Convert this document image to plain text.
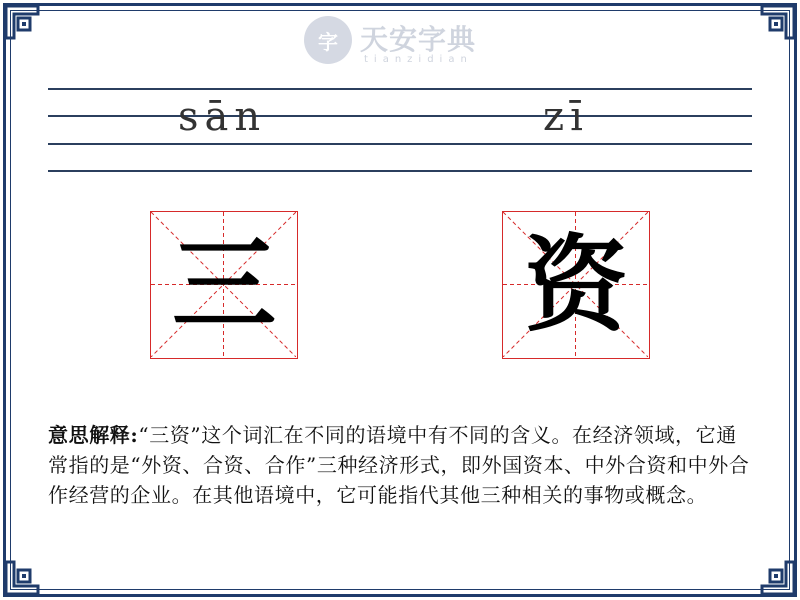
字 天安字典
tianzidian
sān	zī
三 资

意思解释:“三资”这个词汇在不同的语境中有不同的含义。在经济领域，它通常指的是“外资、合资、合作”三种经济形式，即外国资本、中外合资和中外合作经营的企业。在其他语境中，它可能指代其他三种相关的事物或概念。
